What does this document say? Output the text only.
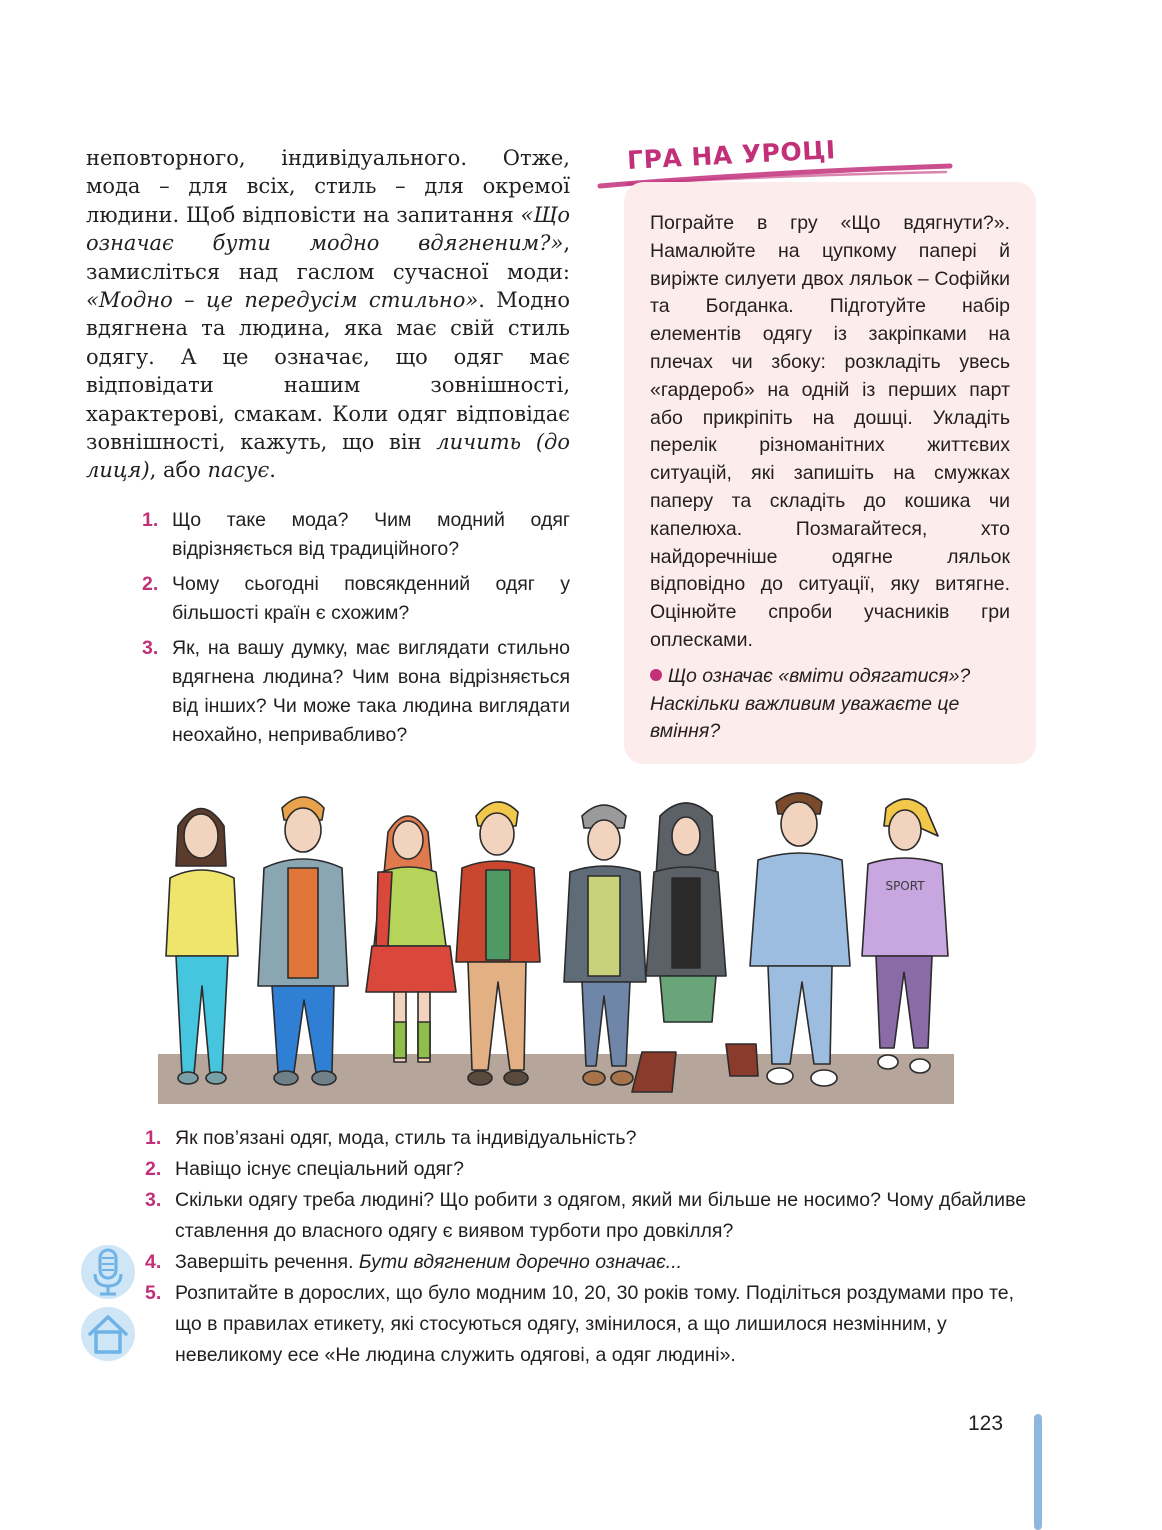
неповторного, індивідуального. Отже, мода – для всіх, стиль – для окремої людини. Щоб відповісти на запитання «Що означає бути модно вдягненим?», замисліться над гаслом сучасної моди: «Модно – це передусім стильно». Модно вдягнена та людина, яка має свій стиль одягу. А це означає, що одяг має відповідати нашим зовнішності, характерові, смакам. Коли одяг відповідає зовнішності, кажуть, що він личить (до лиця), або пасує.

1. Що таке мода? Чим модний одяг відрізняється від традиційного?
2. Чому сьогодні повсякденний одяг у більшості країн є схожим?
3. Як, на вашу думку, має виглядати стильно вдягнена людина? Чим вона відрізняється від інших? Чи може така людина виглядати неохайно, непривабливо?
ГРА НА УРОЦІ

Пограйте в гру «Що вдягнути?». Намалюйте на цупкому папері й виріжте силуети двох ляльок – Софійки та Богданка. Підготуйте набір елементів одягу із закріпками на плечах чи збоку: розкладіть увесь «гардероб» на одній із перших парт або прикріпіть на дошці. Укладіть перелік різноманітних життєвих ситуацій, які запишіть на смужках паперу та складіть до кошика чи капелюха. Позмагайтеся, хто найдоречніше одягне ляльок відповідно до ситуації, яку витягне. Оцінюйте спроби учасників гри оплесками.

Що означає «вміти одягатися»? Наскільки важливим уважаєте це вміння?

SPORT
1. Як пов’язані одяг, мода, стиль та індивідуальність?
2. Навіщо існує спеціальний одяг?
3. Скільки одягу треба людині? Що робити з одягом, який ми більше не носимо? Чому дбайливе ставлення до власного одягу є виявом турботи про довкілля?
4. Завершіть речення. Бути вдягненим доречно означає...
5. Розпитайте в дорослих, що було модним 10, 20, 30 років тому. Поділіться роздумами про те, що в правилах етикету, які стосуються одягу, змінилося, а що лишилося незмінним, у невеликому есе «Не людина служить одягові, а одяг людині».
123
